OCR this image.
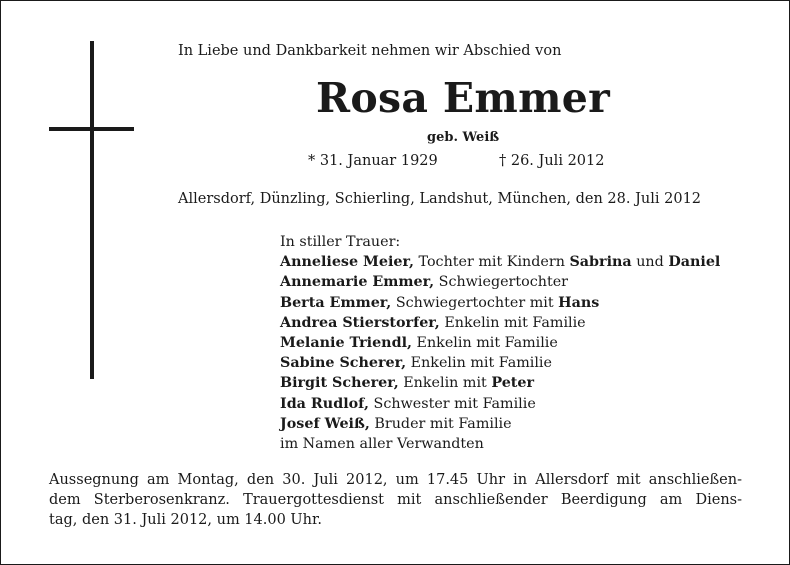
In Liebe und Dankbarkeit nehmen wir Abschied von
Rosa Emmer
geb. Weiß
* 31. Januar 1929	† 26. Juli 2012
Allersdorf, Dünzling, Schierling, Landshut, München, den 28. Juli 2012
In stiller Trauer:
Anneliese Meier, Tochter mit Kindern Sabrina und Daniel
Annemarie Emmer, Schwiegertochter
Berta Emmer, Schwiegertochter mit Hans
Andrea Stierstorfer, Enkelin mit Familie
Melanie Triendl, Enkelin mit Familie
Sabine Scherer, Enkelin mit Familie
Birgit Scherer, Enkelin mit Peter
Ida Rudlof, Schwester mit Familie
Josef Weiß, Bruder mit Familie
im Namen aller Verwandten
Aussegnung am Montag, den 30. Juli 2012, um 17.45 Uhr in Allersdorf mit anschließen-
dem Sterberosenkranz. Trauergottesdienst mit anschließender Beerdigung am Diens-
tag, den 31. Juli 2012, um 14.00 Uhr.
